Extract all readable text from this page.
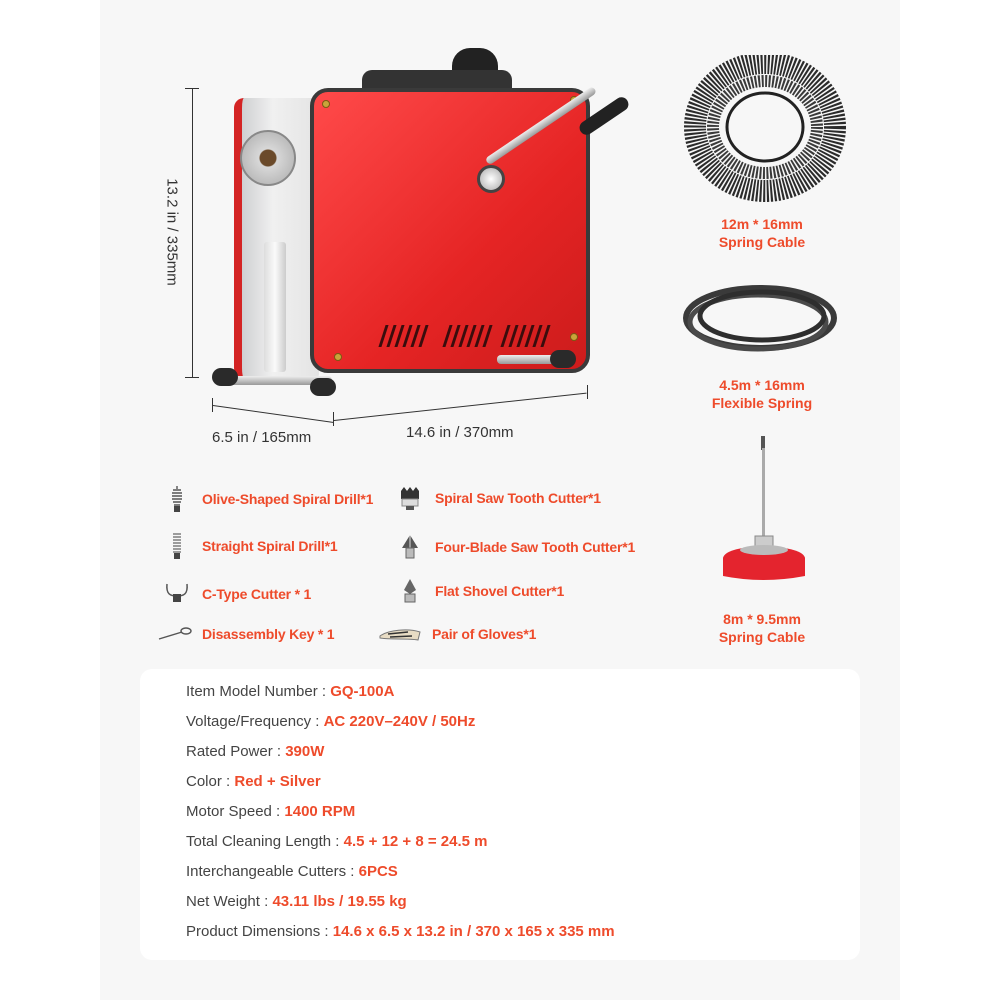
13.2 in / 335mm
6.5 in / 165mm	14.6 in / 370mm
Olive-Shaped Spiral Drill*1
Straight Spiral Drill*1
C-Type Cutter * 1
Disassembly Key * 1
Spiral Saw Tooth Cutter*1
Four-Blade Saw Tooth Cutter*1
Flat Shovel Cutter*1
Pair of Gloves*1
12m * 16mm
Spring Cable
4.5m * 16mm
Flexible Spring
8m * 9.5mm
Spring Cable
Item Model Number : GQ-100A
Voltage/Frequency : AC 220V–240V / 50Hz
Rated Power : 390W
Color : Red + Silver
Motor Speed : 1400 RPM
Total Cleaning Length : 4.5 + 12 + 8 = 24.5 m
Interchangeable Cutters : 6PCS
Net Weight : 43.11 lbs / 19.55 kg
Product Dimensions : 14.6 x 6.5 x 13.2 in / 370 x 165 x 335 mm
